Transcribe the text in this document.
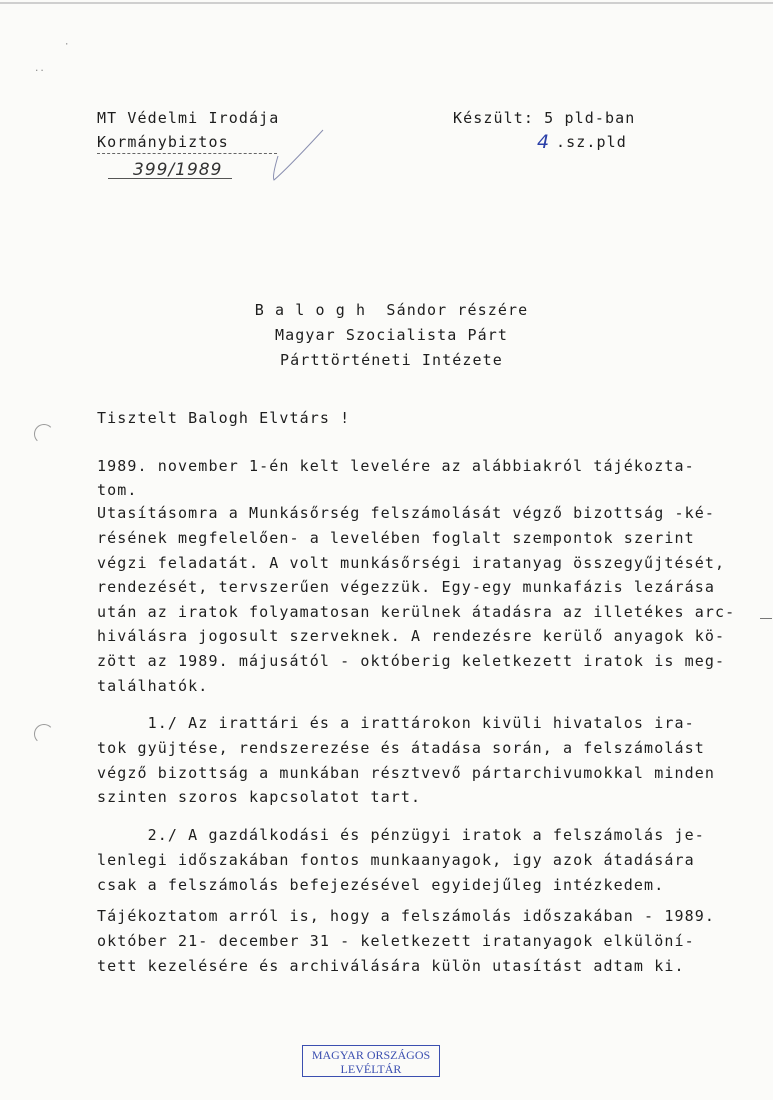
·
..
MT Védelmi Irodája
Kormánybiztos
399/1989
Készült: 5 pld-ban
4 .sz.pld
B a l o g h  Sándor részére
Magyar Szocialista Párt
Párttörténeti Intézete
Tisztelt Balogh Elvtárs !
1989. november 1-én kelt levelére az alábbiakról tájékozta-
tom.
Utasításomra a Munkásőrség felszámolását végző bizottság -ké-
résének megfelelően- a levelében foglalt szempontok szerint
végzi feladatát. A volt munkásőrségi iratanyag összegyűjtését,
rendezését, tervszerűen végezzük. Egy-egy munkafázis lezárása
után az iratok folyamatosan kerülnek átadásra az illetékes arc-
hiválásra jogosult szerveknek. A rendezésre kerülő anyagok kö-
zött az 1989. májusától - októberig keletkezett iratok is meg-
találhatók.
1./ Az irattári és a irattárokon kivüli hivatalos ira-
tok gyüjtése, rendszerezése és átadása során, a felszámolást
végző bizottság a munkában résztvevő pártarchivumokkal minden
szinten szoros kapcsolatot tart.
2./ A gazdálkodási és pénzügyi iratok a felszámolás je-
lenlegi időszakában fontos munkaanyagok, igy azok átadására
csak a felszámolás befejezésével egyidejűleg intézkedem.
Tájékoztatom arról is, hogy a felszámolás időszakában - 1989.
október 21- december 31 - keletkezett iratanyagok elkülöní-
tett kezelésére és archiválására külön utasítást adtam ki.
MAGYAR ORSZÁGOS
LEVÉLTÁR
